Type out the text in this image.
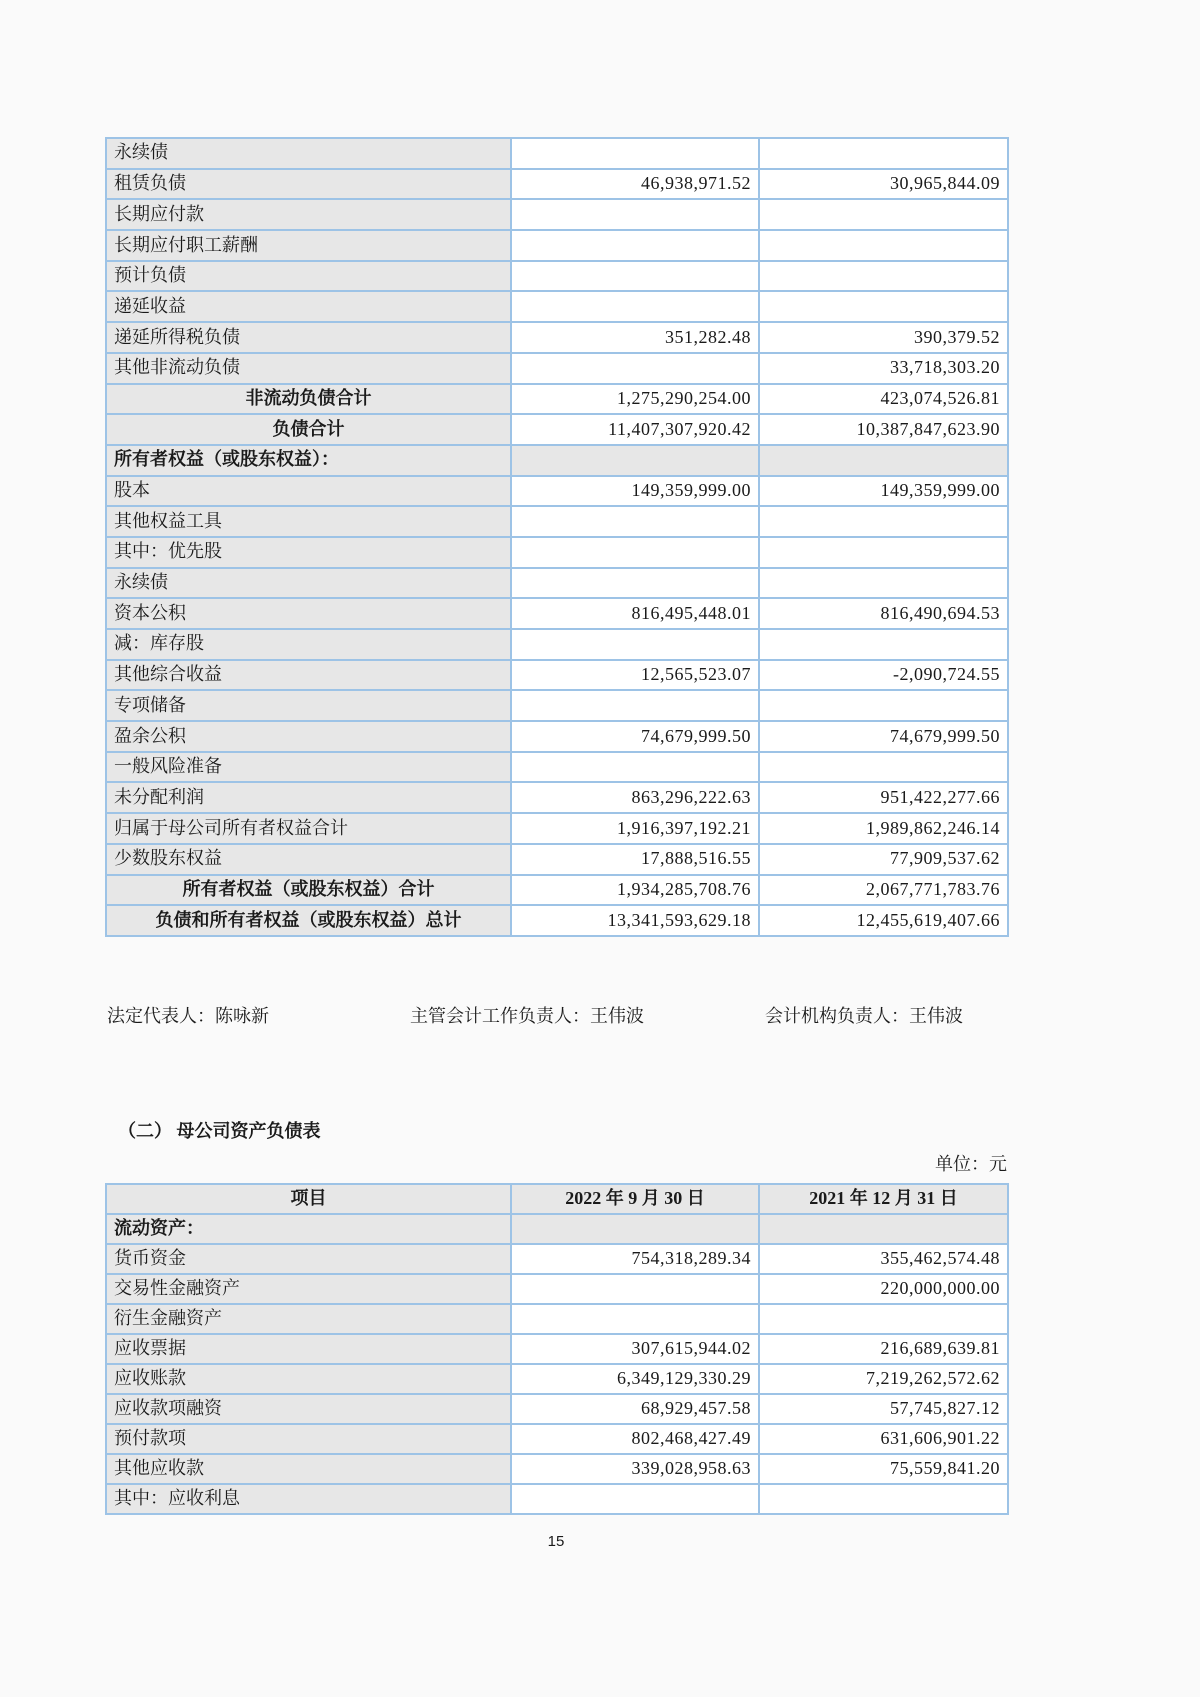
永续债		
租赁负债	46,938,971.52	30,965,844.09
长期应付款		
长期应付职工薪酬		
预计负债		
递延收益		
递延所得税负债	351,282.48	390,379.52
其他非流动负债		33,718,303.20
非流动负债合计	1,275,290,254.00	423,074,526.81
负债合计	11,407,307,920.42	10,387,847,623.90
所有者权益（或股东权益）：		
股本	149,359,999.00	149,359,999.00
其他权益工具		
其中：优先股		
永续债		
资本公积	816,495,448.01	816,490,694.53
减：库存股		
其他综合收益	12,565,523.07	-2,090,724.55
专项储备		
盈余公积	74,679,999.50	74,679,999.50
一般风险准备		
未分配利润	863,296,222.63	951,422,277.66
归属于母公司所有者权益合计	1,916,397,192.21	1,989,862,246.14
少数股东权益	17,888,516.55	77,909,537.62
所有者权益（或股东权益）合计	1,934,285,708.76	2,067,771,783.76
负债和所有者权益（或股东权益）总计	13,341,593,629.18	12,455,619,407.66
法定代表人：陈咏新	主管会计工作负责人：王伟波	会计机构负责人：王伟波
（二） 母公司资产负债表
单位：元
项目	2022 年 9 月 30 日	2021 年 12 月 31 日
流动资产：		
货币资金	754,318,289.34	355,462,574.48
交易性金融资产		220,000,000.00
衍生金融资产		
应收票据	307,615,944.02	216,689,639.81
应收账款	6,349,129,330.29	7,219,262,572.62
应收款项融资	68,929,457.58	57,745,827.12
预付款项	802,468,427.49	631,606,901.22
其他应收款	339,028,958.63	75,559,841.20
其中：应收利息		
15
